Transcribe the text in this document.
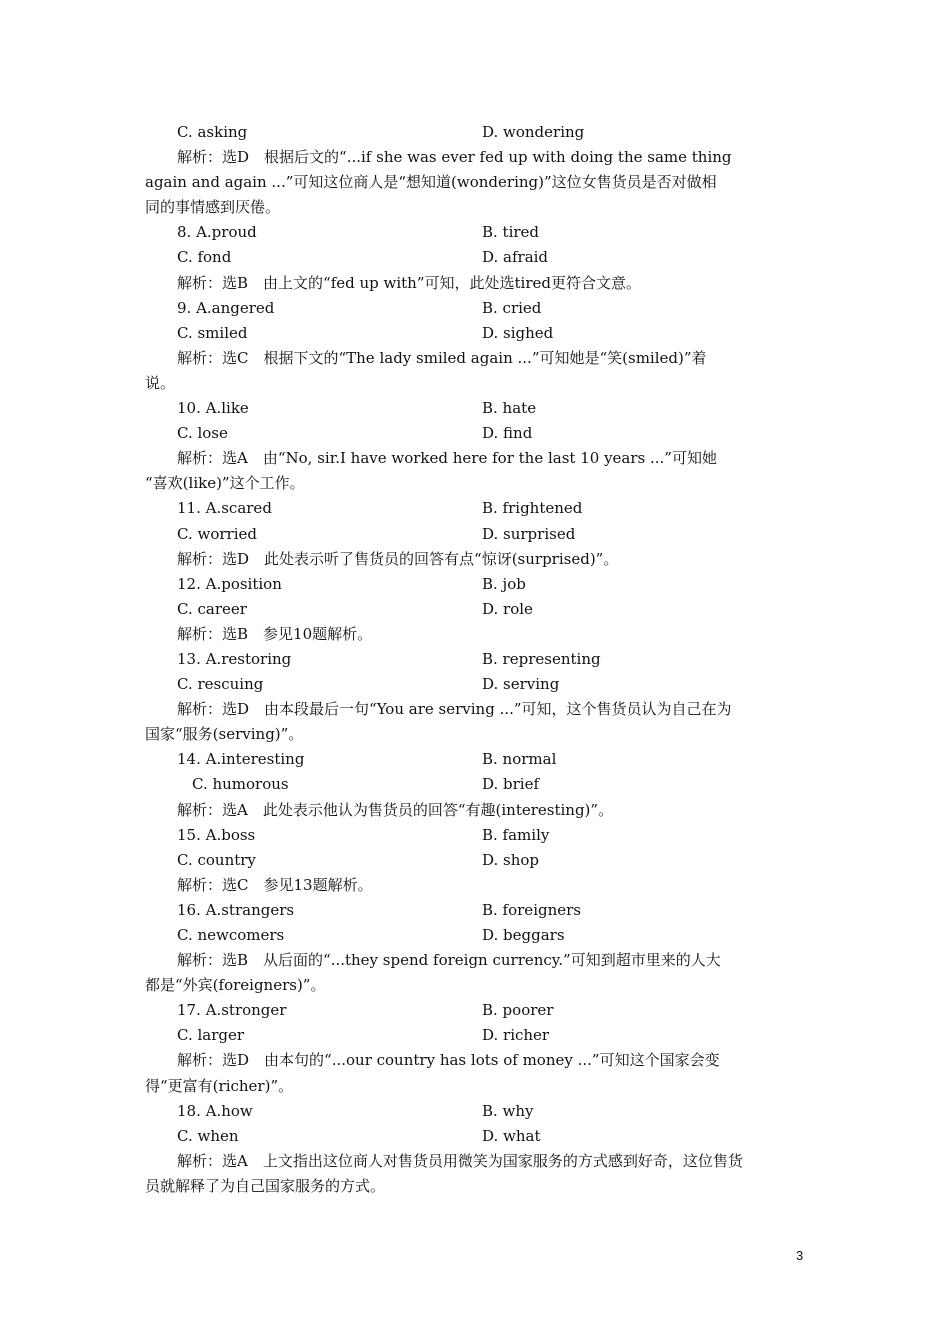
C. asking	D. wondering
解析：选D　根据后文的“...if she was ever fed up with doing the same thing
again and again ...”可知这位商人是“想知道(wondering)”这位女售货员是否对做相
同的事情感到厌倦。
8. A.proud	B. tired
C. fond	D. afraid
解析：选B　由上文的“fed up with”可知，此处选tired更符合文意。
9. A.angered	B. cried
C. smiled	D. sighed
解析：选C　根据下文的“The lady smiled again ...”可知她是“笑(smiled)”着
说。
10. A.like	B. hate
C. lose	D. find
解析：选A　由“No, sir.I have worked here for the last 10 years ...”可知她
“喜欢(like)”这个工作。
11. A.scared	B. frightened
C. worried	D. surprised
解析：选D　此处表示听了售货员的回答有点“惊讶(surprised)”。
12. A.position	B. job
C. career	D. role
解析：选B　参见10题解析。
13. A.restoring	B. representing
C. rescuing	D. serving
解析：选D　由本段最后一句“You are serving ...”可知，这个售货员认为自己在为
国家“服务(serving)”。
14. A.interesting	B. normal
C. humorous	D. brief
解析：选A　此处表示他认为售货员的回答“有趣(interesting)”。
15. A.boss	B. family
C. country	D. shop
解析：选C　参见13题解析。
16. A.strangers	B. foreigners
C. newcomers	D. beggars
解析：选B　从后面的“...they spend foreign currency.”可知到超市里来的人大
都是“外宾(foreigners)”。
17. A.stronger	B. poorer
C. larger	D. richer
解析：选D　由本句的“...our country has lots of money ...”可知这个国家会变
得“更富有(richer)”。
18. A.how	B. why
C. when	D. what
解析：选A　上文指出这位商人对售货员用微笑为国家服务的方式感到好奇，这位售货
员就解释了为自己国家服务的方式。
3
